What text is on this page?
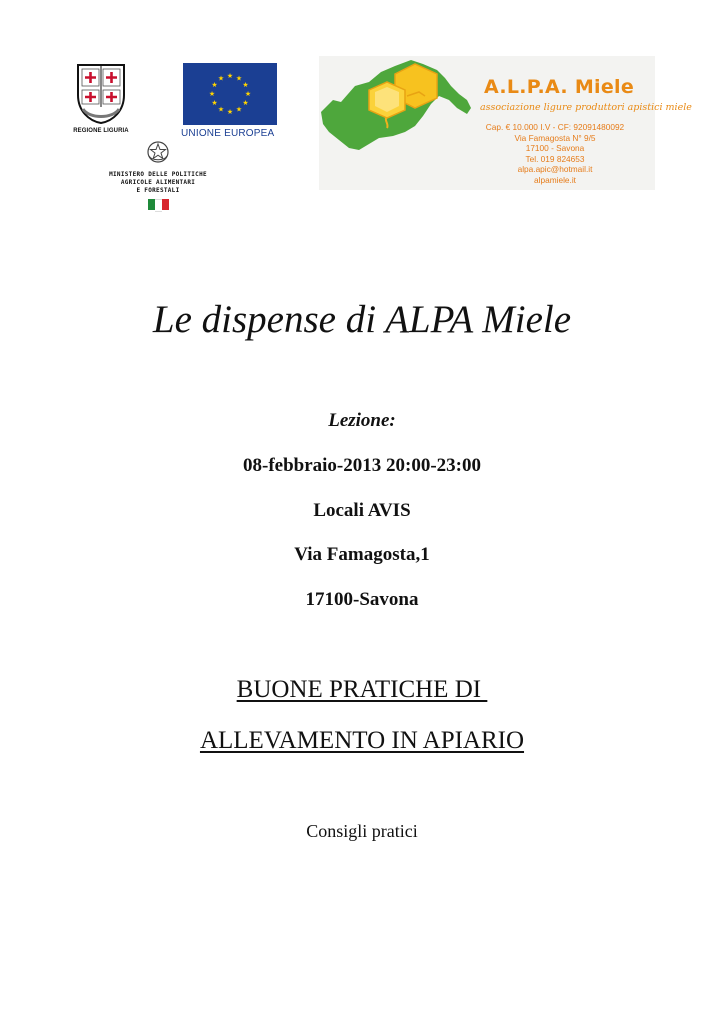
REGIONE LIGURIA
★ ★
★
★
★
★
★
★
★
★
★
★
UNIONE EUROPEA
MINISTERO DELLE POLITICHE
AGRICOLE ALIMENTARI
E FORESTALI
A.L.P.A. Miele
associazione ligure produttori apistici miele
Cap. € 10.000 I.V - CF: 92091480092
Via Famagosta N° 9/5
17100 - Savona
Tel. 019 824653
alpa.apic@hotmail.it
alpamiele.it
Le dispense di ALPA Miele
Lezione:
08-febbraio-2013 20:00-23:00
Locali AVIS
Via Famagosta,1
17100-Savona
BUONE PRATICHE DI
ALLEVAMENTO IN APIARIO
Consigli pratici
